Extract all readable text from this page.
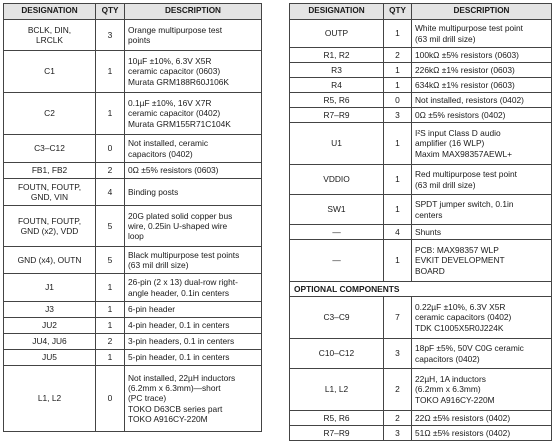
DESIGNATION	QTY	DESCRIPTION
BCLK, DIN,
LRCLK	3	Orange multipurpose test
points
C1	1	10µF ±10%, 6.3V X5R
ceramic capacitor (0603)
Murata GRM188R60J106K
C2	1	0.1µF ±10%, 16V X7R
ceramic capacitor (0402)
Murata GRM155R71C104K
C3–C12	0	Not installed, ceramic
capacitors (0402)
FB1, FB2	2	0Ω ±5% resistors (0603)
FOUTN, FOUTP,
GND, VIN	4	Binding posts
FOUTN, FOUTP,
GND (x2), VDD	5	20G plated solid copper bus
wire, 0.25in U-shaped wire
loop
GND (x4), OUTN	5	Black multipurpose test points
(63 mil drill size)
J1	1	26-pin (2 x 13) dual-row right-
angle header, 0.1in centers
J3	1	6-pin header
JU2	1	4-pin header, 0.1 in centers
JU4, JU6	2	3-pin headers, 0.1 in centers
JU5	1	5-pin header, 0.1 in centers
L1, L2	0	Not installed, 22µH inductors
(6.2mm x 6.3mm)—short
(PC trace)
TOKO D63CB series part
TOKO A916CY-220M
DESIGNATION	QTY	DESCRIPTION
OUTP	1	White multipurpose test point
(63 mil drill size)
R1, R2	2	100kΩ ±5% resistors (0603)
R3	1	226kΩ ±1% resistor (0603)
R4	1	634kΩ ±1% resistor (0603)
R5, R6	0	Not installed, resistors (0402)
R7–R9	3	0Ω ±5% resistors (0402)
U1	1	I²S input Class D audio
amplifier (16 WLP)
Maxim MAX98357AEWL+
VDDIO	1	Red multipurpose test point
(63 mil drill size)
SW1	1	SPDT jumper switch, 0.1in
centers
—	4	Shunts
—	1	PCB: MAX98357 WLP
EVKIT DEVELOPMENT
BOARD
OPTIONAL COMPONENTS		
C3–C9	7	0.22µF ±10%, 6.3V X5R
ceramic capacitors (0402)
TDK C1005X5R0J224K
C10–C12	3	18pF ±5%, 50V C0G ceramic
capacitors (0402)
L1, L2	2	22µH, 1A inductors
(6.2mm x 6.3mm)
TOKO A916CY-220M
R5, R6	2	22Ω ±5% resistors (0402)
R7–R9	3	51Ω ±5% resistors (0402)
